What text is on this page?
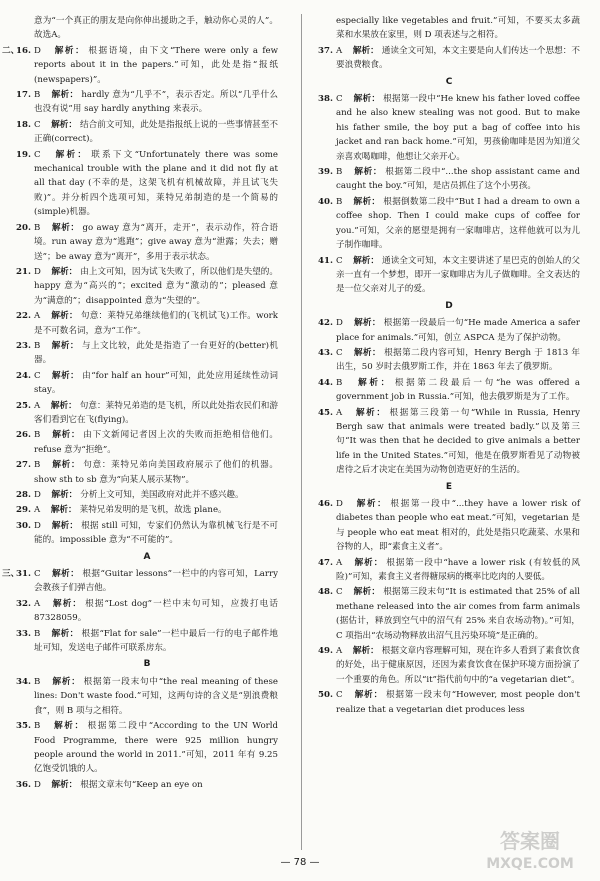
意为“一个真正的朋友是向你伸出援助之手，触动你心灵的人”。故选A。

二、

16. D　解析： 根据语境，由下文“There were only a few reports about it in the papers.”可知，此处是指“报纸(newspapers)”。

17. B　解析： hardly 意为“几乎不”，表示否定。所以“几乎什么也没有说”用 say hardly anything 来表示。

18. C　解析： 结合前文可知，此处是指报纸上说的一些事情甚至不正确(correct)。

19. C　解析： 联系下文“Unfortunately there was some mechanical trouble with the plane and it did not fly at all that day (不幸的是，这架飞机有机械故障，并且试飞失败)”。并分析四个选项可知，莱特兄弟制造的是一个简易的(simple)机器。

20. B　解析： go away 意为“离开，走开”，表示动作，符合语境。run away 意为“逃跑”；give away 意为“泄露；失去；赠送”；be away 意为“离开”，多用于表示状态。

21. D　解析： 由上文可知，因为试飞失败了，所以他们是失望的。happy 意为“高兴的”；excited 意为“激动的”；pleased 意为“满意的”；disappointed 意为“失望的”。

22. A　解析： 句意：莱特兄弟继续他们的(飞机试飞)工作。work 是不可数名词，意为“工作”。

23. B　解析： 与上文比较，此处是指造了一台更好的(better)机器。

24. C　解析： 由“for half an hour”可知，此处应用延续性动词 stay。

25. A　解析： 句意：莱特兄弟造的是飞机，所以此处指农民们和游客们看到它在飞(flying)。

26. B　解析： 由下文新闻记者因上次的失败而拒绝相信他们。refuse 意为“拒绝”。

27. B　解析： 句意：莱特兄弟向美国政府展示了他们的机器。show sth to sb 意为“向某人展示某物”。

28. D　解析： 分析上文可知，美国政府对此并不感兴趣。

29. A　解析： 莱特兄弟发明的是飞机，故选 plane。

30. D　解析： 根据 still 可知，专家们仍然认为靠机械飞行是不可能的。impossible 意为“不可能的”。

A
三、

31. C　解析： 根据“Guitar lessons”一栏中的内容可知，Larry 会教孩子们弹吉他。

32. A　解析： 根据“Lost dog”一栏中末句可知，应拨打电话 87328059。

33. B　解析： 根据“Flat for sale”一栏中最后一行的电子邮件地址可知，发送电子邮件可联系房东。

B

34. B　解析： 根据第一段末句中“the real meaning of these lines: Don't waste food.”可知，这两句诗的含义是“别浪费粮食”，则 B 项与之相符。

35. B　解析： 根据第二段中“According to the UN World Food Programme, there were 925 million hungry people around the world in 2011.”可知，2011 年有 9.25 亿饱受饥饿的人。

36. D　解析： 根据文章末句“Keep an eye on

especially like vegetables and fruit.”可知，不要买太多蔬菜和水果放在家里，则 D 项表述与之相符。

37. A　解析： 通读全文可知，本文主要是向人们传达一个思想：不要浪费粮食。

C

38. C　解析： 根据第一段中“He knew his father loved coffee and he also knew stealing was not good. But to make his father smile, the boy put a bag of coffee into his jacket and ran back home.”可知，男孩偷咖啡是因为知道父亲喜欢喝咖啡，他想让父亲开心。

39. B　解析： 根据第二段中“...the shop assistant came and caught the boy.”可知，是店员抓住了这个小男孩。

40. B　解析： 根据倒数第二段中“But I had a dream to own a coffee shop. Then I could make cups of coffee for you.”可知，父亲的愿望是拥有一家咖啡店，这样他就可以为儿子制作咖啡。

41. C　解析： 通读全文可知，本文主要讲述了星巴克的创始人的父亲一直有一个梦想，即开一家咖啡店为儿子做咖啡。全文表达的是一位父亲对儿子的爱。

D

42. D　解析： 根据第一段最后一句“He made America a safer place for animals.”可知，创立 ASPCA 是为了保护动物。

43. C　解析： 根据第二段内容可知，Henry Bergh 于 1813 年出生，50 岁时去俄罗斯工作，并在 1863 年去了俄罗斯。

44. B　解析： 根据第二段最后一句“he was offered a government job in Russia.”可知，他去俄罗斯是为了工作。

45. A　解析： 根据第三段第一句“While in Russia, Henry Bergh saw that animals were treated badly.”以及第三句“It was then that he decided to give animals a better life in the United States.”可知，他是在俄罗斯看见了动物被虐待之后才决定在美国为动物创造更好的生活的。

E

46. D　解析： 根据第一段中“...they have a lower risk of diabetes than people who eat meat.”可知，vegetarian 是与 people who eat meat 相对的，此处是指只吃蔬菜、水果和谷物的人，即“素食主义者”。

47. A　解析： 根据第一段中“have a lower risk (有较低的风险)”可知，素食主义者得糖尿病的概率比吃肉的人要低。

48. C　解析： 根据第三段末句“It is estimated that 25% of all methane released into the air comes from farm animals (据估计，释放到空气中的沼气有 25% 来自农场动物)。”可知，C 项指出“农场动物释放出沼气且污染环境”是正确的。

49. A　解析： 根据文章内容理解可知，现在许多人看到了素食饮食的好处，出于健康原因，还因为素食饮食在保护环境方面扮演了一个重要的角色。所以“it”指代前句中的“a vegetarian diet”。

50. C　解析： 根据第一段末句“However, most people don't realize that a vegetarian diet produces less

— 78 —
答案圈
MXQE.COM
